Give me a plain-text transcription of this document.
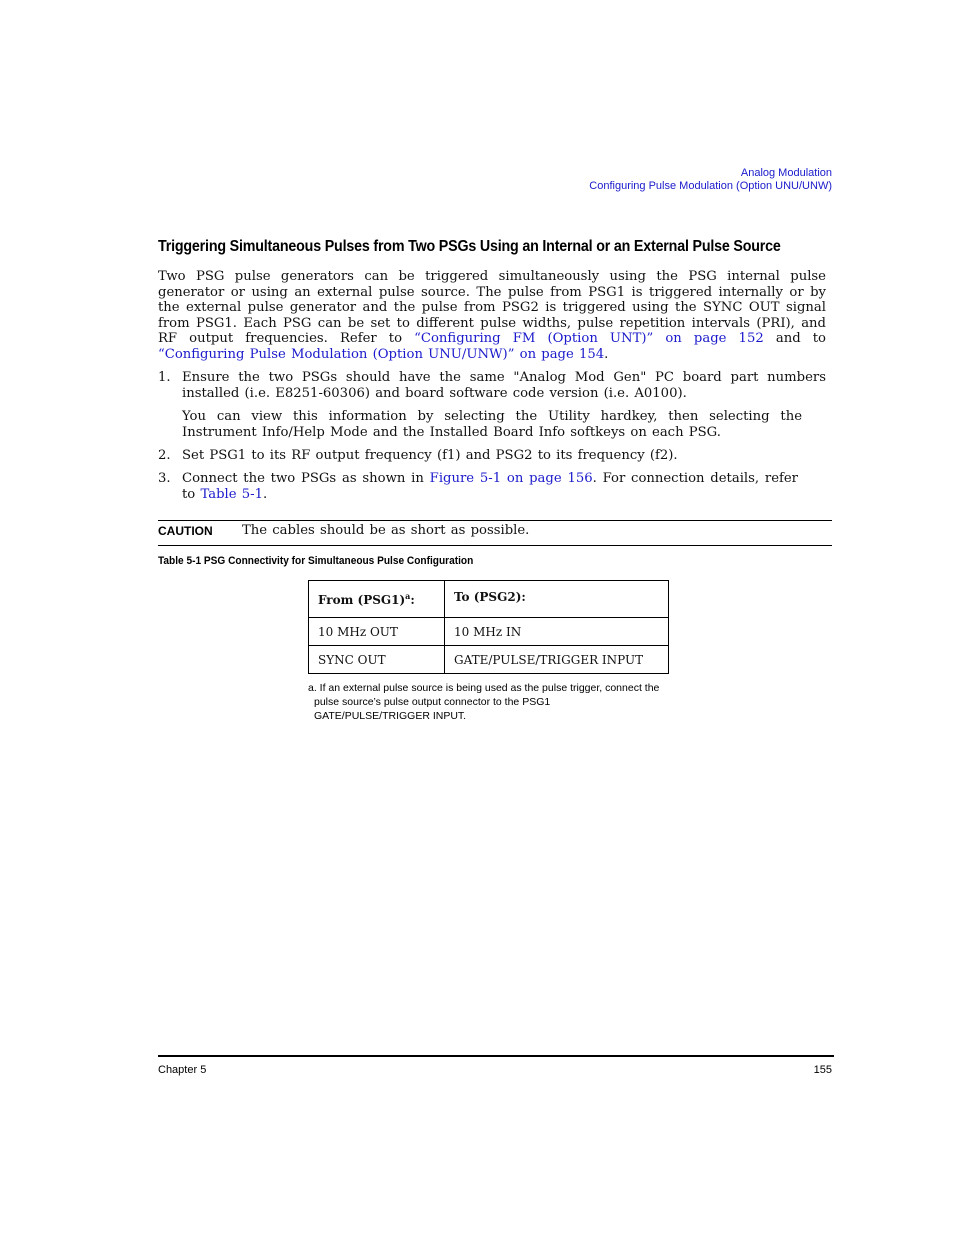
Analog Modulation
Configuring Pulse Modulation (Option UNU/UNW)
Triggering Simultaneous Pulses from Two PSGs Using an Internal or an External Pulse Source
Two PSG pulse generators can be triggered simultaneously using the PSG internal pulse generator or using an external pulse source. The pulse from PSG1 is triggered internally or by the external pulse generator and the pulse from PSG2 is triggered using the SYNC OUT signal from PSG1. Each PSG can be set to different pulse widths, pulse repetition intervals (PRI), and RF output frequencies. Refer to “Configuring FM (Option UNT)” on page 152 and to “Configuring Pulse Modulation (Option UNU/UNW)” on page 154.
1. Ensure the two PSGs should have the same "Analog Mod Gen" PC board part numbers installed (i.e. E8251-60306) and board software code version (i.e. A0100).
You can view this information by selecting the Utility hardkey, then selecting the Instrument Info/Help Mode and the Installed Board Info softkeys on each PSG.
2. Set PSG1 to its RF output frequency (f1) and PSG2 to its frequency (f2).
3. Connect the two PSGs as shown in Figure 5-1 on page 156. For connection details, refer to Table 5-1.
CAUTION The cables should be as short as possible.
Table 5-1 PSG Connectivity for Simultaneous Pulse Configuration
From $(PSG1)^a$:	To (PSG2):
10 MHz OUT	10 MHz IN
SYNC OUT	GATE/PULSE/TRIGGER INPUT
a. If an external pulse source is being used as the pulse trigger, connect the
pulse source’s pulse output connector to the PSG1
GATE/PULSE/TRIGGER INPUT.
Chapter 5	155
